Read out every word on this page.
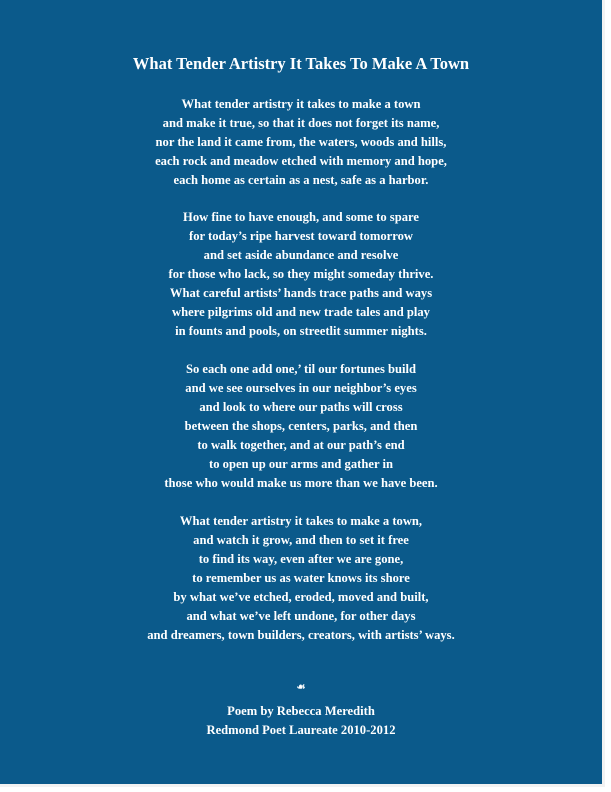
What Tender Artistry It Takes To Make A Town
What tender artistry it takes to make a town
and make it true, so that it does not forget its name,
nor the land it came from, the waters, woods and hills,
each rock and meadow etched with memory and hope,
each home as certain as a nest, safe as a harbor.
How fine to have enough, and some to spare
for today’s ripe harvest toward tomorrow
and set aside abundance and resolve
for those who lack, so they might someday thrive.
What careful artists’ hands trace paths and ways
where pilgrims old and new trade tales and play
in founts and pools, on streetlit summer nights.
So each one add one,’ til our fortunes build
and we see ourselves in our neighbor’s eyes
and look to where our paths will cross
between the shops, centers, parks, and then
to walk together, and at our path’s end
to open up our arms and gather in
those who would make us more than we have been.
What tender artistry it takes to make a town,
and watch it grow, and then to set it free
to find its way, even after we are gone,
to remember us as water knows its shore
by what we’ve etched, eroded, moved and built,
and what we’ve left undone, for other days
and dreamers, town builders, creators, with artists’ ways.
☙
Poem by Rebecca Meredith
Redmond Poet Laureate 2010-2012
